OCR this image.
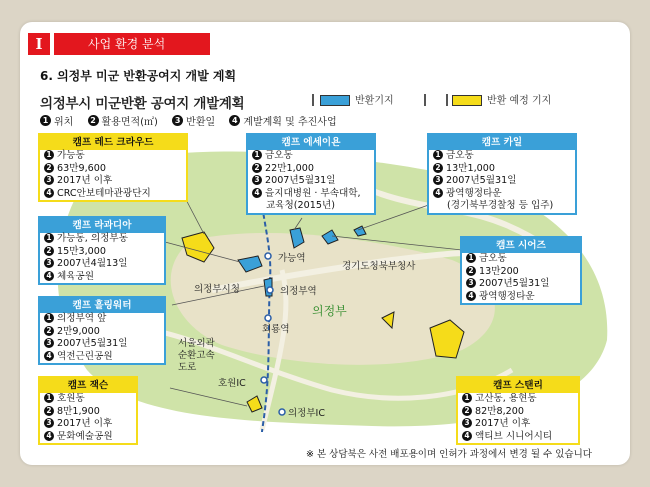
I	사업 환경 분석
6. 의정부 미군 반환공여지 개발 계획
의정부시 미군반환 공여지 개발계획	반환기지	반환 예정 기지
1 위치 2 활용면적(㎡) 3 반환일 4 계발계획 및 추진사업
가능역
경기도청북부청사
의정부시청	의정부역
의정부
회룡역
서울외곽
순환고속
도로
호원IC
의정부IC
캠프 레드 크라우드
1 가능동
2 63만9,600
3 2017년 이후
4 CRC안보테마관광단지
캠프 에세이욘
1 금오동
2 22만1,000
3 2007년5월31일
4 을지대병원 · 부속대학,
교육청(2015년)
캠프 카일
1 금오동
2 13만1,000
3 2007년5월31일
4 광역행정타운
(경기북부경찰청 등 입주)
캠프 라과디아
1 가능동, 의정부동
2 15만3,000
3 2007년4월13일
4 체육공원
캠프 시어즈
1 금오동
2 13만200
3 2007년5월31일
4 광역행정타운
캠프 흘링워터
1 의정부역 앞
2 2만9,000
3 2007년5월31일
4 역전근린공원
캠프 잭슨
1 호원동
2 8만1,900
3 2017년 이후
4 문화예술공원
캠프 스탠리
1 고산동, 용현동
2 82만8,200
3 2017년 이후
4 액티브 시니어시티
※ 본 상담북은 사전 배포용이며 인허가 과정에서 변경 될 수 있습니다
